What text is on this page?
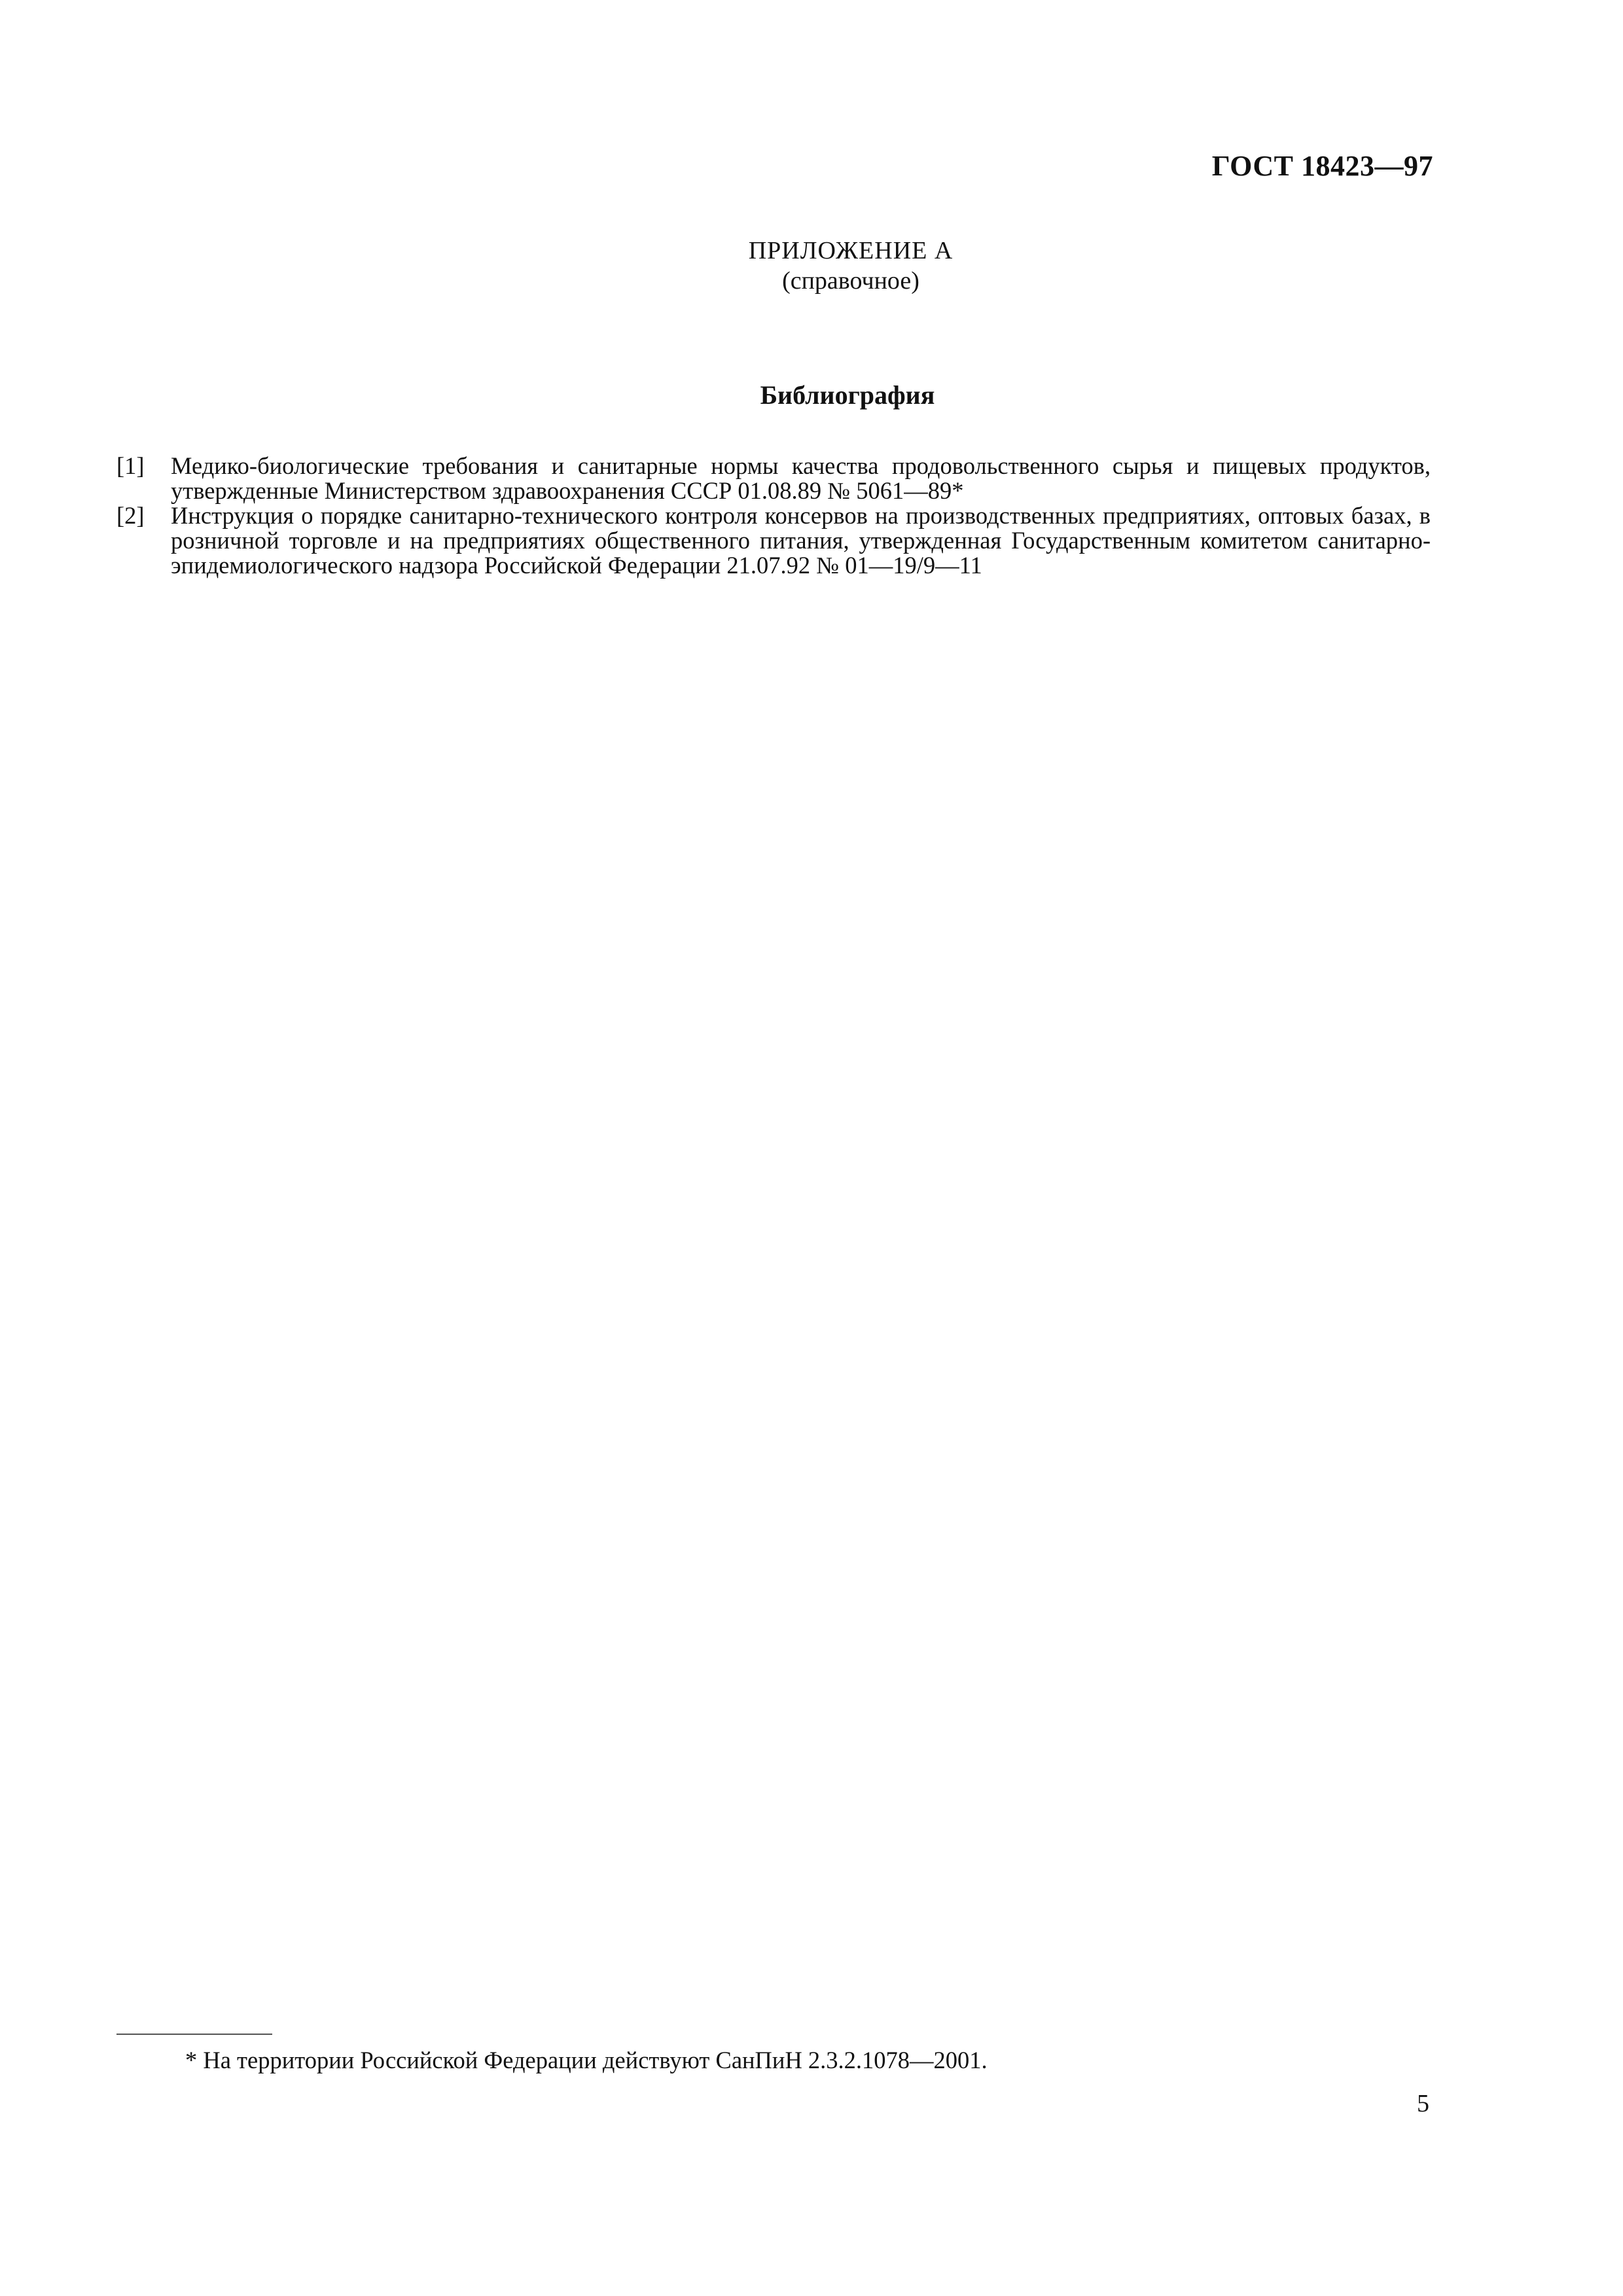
ГОСТ 18423—97
ПРИЛОЖЕНИЕ А
(справочное)
Библиография
[1] Медико-биологические требования и санитарные нормы качества продовольственного сырья и пищевых продуктов, утвержденные Министерством здравоохранения СССР 01.08.89 № 5061—89*
[2] Инструкция о порядке санитарно-технического контроля консервов на производственных предприятиях, оптовых базах, в розничной торговле и на предприятиях общественного питания, утвержденная Государственным комитетом санитарно-эпидемиологического надзора Российской Федерации 21.07.92 № 01—19/9—11
* На территории Российской Федерации действуют СанПиН 2.3.2.1078—2001.
5
